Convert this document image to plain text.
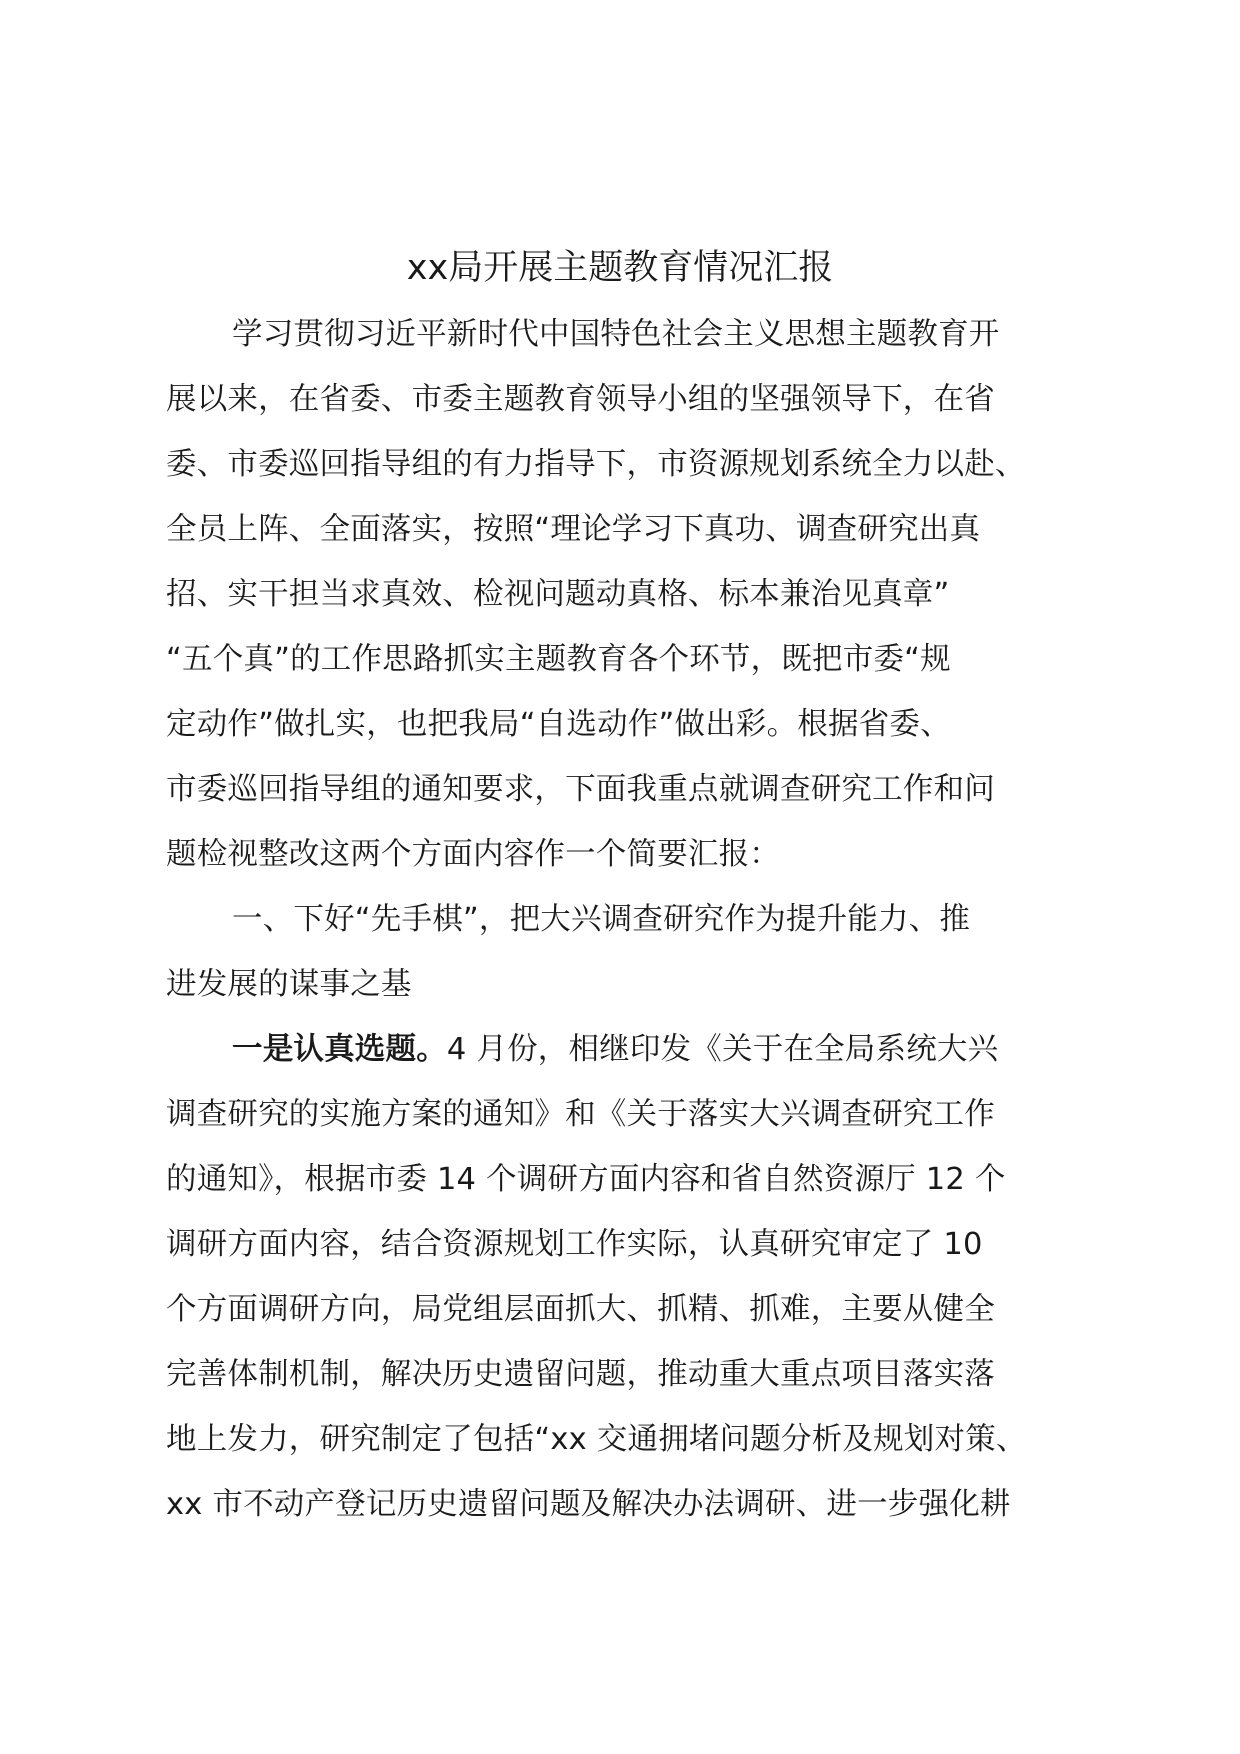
xx局开展主题教育情况汇报
学习贯彻习近平新时代中国特色社会主义思想主题教育开
展以来，在省委、市委主题教育领导小组的坚强领导下，在省
委、市委巡回指导组的有力指导下，市资源规划系统全力以赴、
全员上阵、全面落实，按照“理论学习下真功、调查研究出真
招、实干担当求真效、检视问题动真格、标本兼治见真章”
“五个真”的工作思路抓实主题教育各个环节，既把市委“规
定动作”做扎实，也把我局“自选动作”做出彩。根据省委、
市委巡回指导组的通知要求，下面我重点就调查研究工作和问
题检视整改这两个方面内容作一个简要汇报：
一、下好“先手棋”，把大兴调查研究作为提升能力、推
进发展的谋事之基
一是认真选题。4 月份，相继印发《关于在全局系统大兴
调查研究的实施方案的通知》和《关于落实大兴调查研究工作
的通知》，根据市委 14 个调研方面内容和省自然资源厅 12 个
调研方面内容，结合资源规划工作实际，认真研究审定了 10
个方面调研方向，局党组层面抓大、抓精、抓难，主要从健全
完善体制机制，解决历史遗留问题，推动重大重点项目落实落
地上发力，研究制定了包括“xx 交通拥堵问题分析及规划对策、
xx 市不动产登记历史遗留问题及解决办法调研、进一步强化耕
